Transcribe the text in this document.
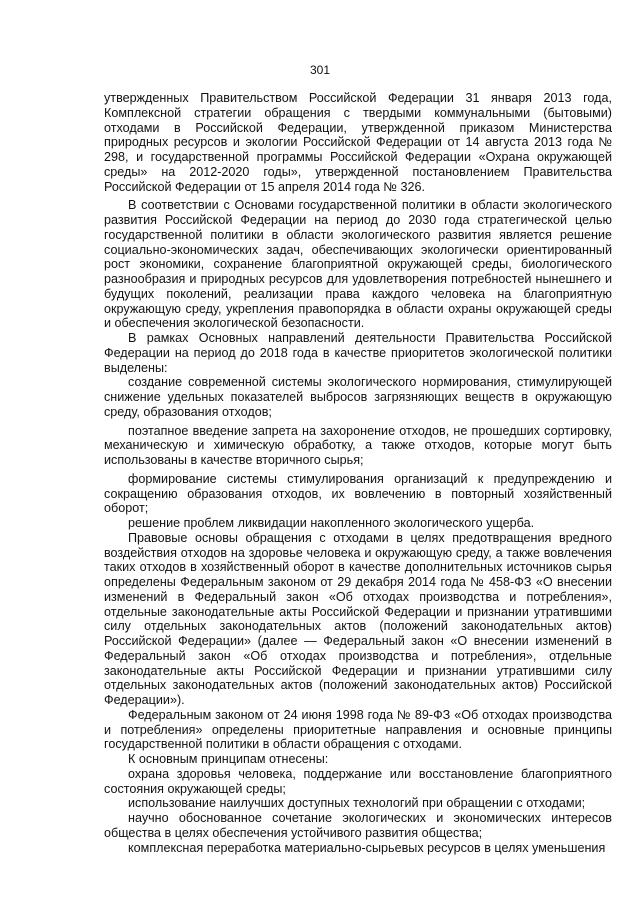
301

утвержденных Правительством Российской Федерации 31 января 2013 года, Комплексной стратегии обращения с твердыми коммунальными (бытовыми) отходами в Российской Федерации, утвержденной приказом Министерства природных ресурсов и экологии Российской Федерации от 14 августа 2013 года № 298, и государственной программы Российской Федерации «Охрана окружающей среды» на 2012-2020 годы», утвержденной постановлением Правительства Российской Федерации от 15 апреля 2014 года № 326.

В соответствии с Основами государственной политики в области экологического развития Российской Федерации на период до 2030 года стратегической целью государственной политики в области экологического развития является решение социально-экономических задач, обеспечивающих экологически ориентированный рост экономики, сохранение благоприятной окружающей среды, биологического разнообразия и природных ресурсов для удовлетворения потребностей нынешнего и будущих поколений, реализации права каждого человека на благоприятную окружающую среду, укрепления правопорядка в области охраны окружающей среды и обеспечения экологической безопасности.

В рамках Основных направлений деятельности Правительства Российской Федерации на период до 2018 года в качестве приоритетов экологической политики выделены:

создание современной системы экологического нормирования, стимулирующей снижение удельных показателей выбросов загрязняющих веществ в окружающую среду, образования отходов;

поэтапное введение запрета на захоронение отходов, не прошедших сортировку, механическую и химическую обработку, а также отходов, которые могут быть использованы в качестве вторичного сырья;

формирование системы стимулирования организаций к предупреждению и сокращению образования отходов, их вовлечению в повторный хозяйственный оборот;

решение проблем ликвидации накопленного экологического ущерба.

Правовые основы обращения с отходами в целях предотвращения вредного воздействия отходов на здоровье человека и окружающую среду, а также вовлечения таких отходов в хозяйственный оборот в качестве дополнительных источников сырья определены Федеральным законом от 29 декабря 2014 года № 458-ФЗ «О внесении изменений в Федеральный закон «Об отходах производства и потребления», отдельные законодательные акты Российской Федерации и признании утратившими силу отдельных законодательных актов (положений законодательных актов) Российской Федерации» (далее — Федеральный закон «О внесении изменений в Федеральный закон «Об отходах производства и потребления», отдельные законодательные акты Российской Федерации и признании утратившими силу отдельных законодательных актов (положений законодательных актов) Российской Федерации»).

Федеральным законом от 24 июня 1998 года № 89-ФЗ «Об отходах производства и потребления» определены приоритетные направления и основные принципы государственной политики в области обращения с отходами.

К основным принципам отнесены:

охрана здоровья человека, поддержание или восстановление благоприятного состояния окружающей среды;

использование наилучших доступных технологий при обращении с отходами;

научно обоснованное сочетание экологических и экономических интересов общества в целях обеспечения устойчивого развития общества;

комплексная переработка материально-сырьевых ресурсов в целях уменьшения
